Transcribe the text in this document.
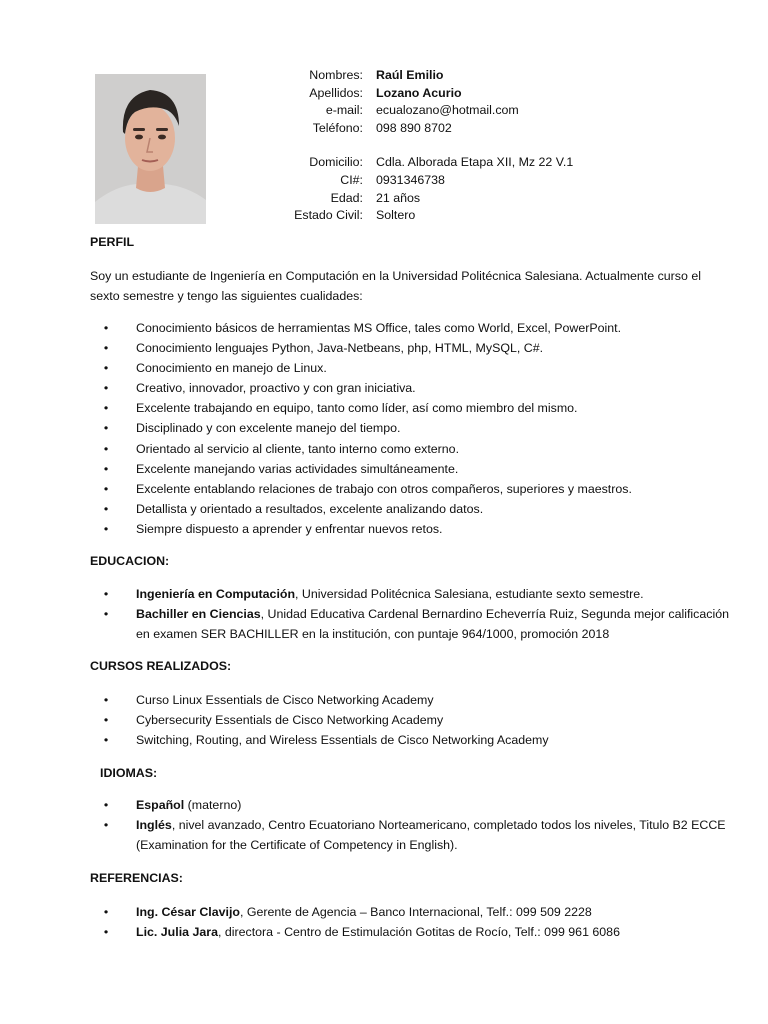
Nombres:	Raúl Emilio
Apellidos:	Lozano Acurio
e-mail:	ecualozano@hotmail.com
Teléfono:	098 890 8702
Domicilio:	Cdla. Alborada Etapa XII, Mz 22 V.1
CI#:	0931346738
Edad:	21 años
Estado Civil:	Soltero
PERFIL
Soy un estudiante de Ingeniería en Computación en la Universidad Politécnica Salesiana. Actualmente curso el sexto semestre y tengo las siguientes cualidades:
•	Conocimiento básicos de herramientas MS Office, tales como World, Excel, PowerPoint.
•	Conocimiento lenguajes Python, Java-Netbeans, php, HTML, MySQL, C#.
•	Conocimiento en manejo de Linux.
•	Creativo, innovador, proactivo y con gran iniciativa.
•	Excelente trabajando en equipo, tanto como líder, así como miembro del mismo.
•	Disciplinado y con excelente manejo del tiempo.
•	Orientado al servicio al cliente, tanto interno como externo.
•	Excelente manejando varias actividades simultáneamente.
•	Excelente entablando relaciones de trabajo con otros compañeros, superiores y maestros.
•	Detallista y orientado a resultados, excelente analizando datos.
•	Siempre dispuesto a aprender y enfrentar nuevos retos.
EDUCACION:
•	Ingeniería en Computación, Universidad Politécnica Salesiana, estudiante sexto semestre.
•	Bachiller en Ciencias, Unidad Educativa Cardenal Bernardino Echeverría Ruiz, Segunda mejor calificación en examen SER BACHILLER en la institución, con puntaje 964/1000, promoción 2018
CURSOS REALIZADOS:
•	Curso Linux Essentials de Cisco Networking Academy
•	Cybersecurity Essentials de Cisco Networking Academy
•	Switching, Routing, and Wireless Essentials de Cisco Networking Academy
IDIOMAS:
•	Español (materno)
•	Inglés, nivel avanzado, Centro Ecuatoriano Norteamericano, completado todos los niveles, Titulo B2 ECCE (Examination for the Certificate of Competency in English).
REFERENCIAS:
•	Ing. César Clavijo, Gerente de Agencia – Banco Internacional, Telf.: 099 509 2228
•	Lic. Julia Jara, directora - Centro de Estimulación Gotitas de Rocío, Telf.: 099 961 6086
